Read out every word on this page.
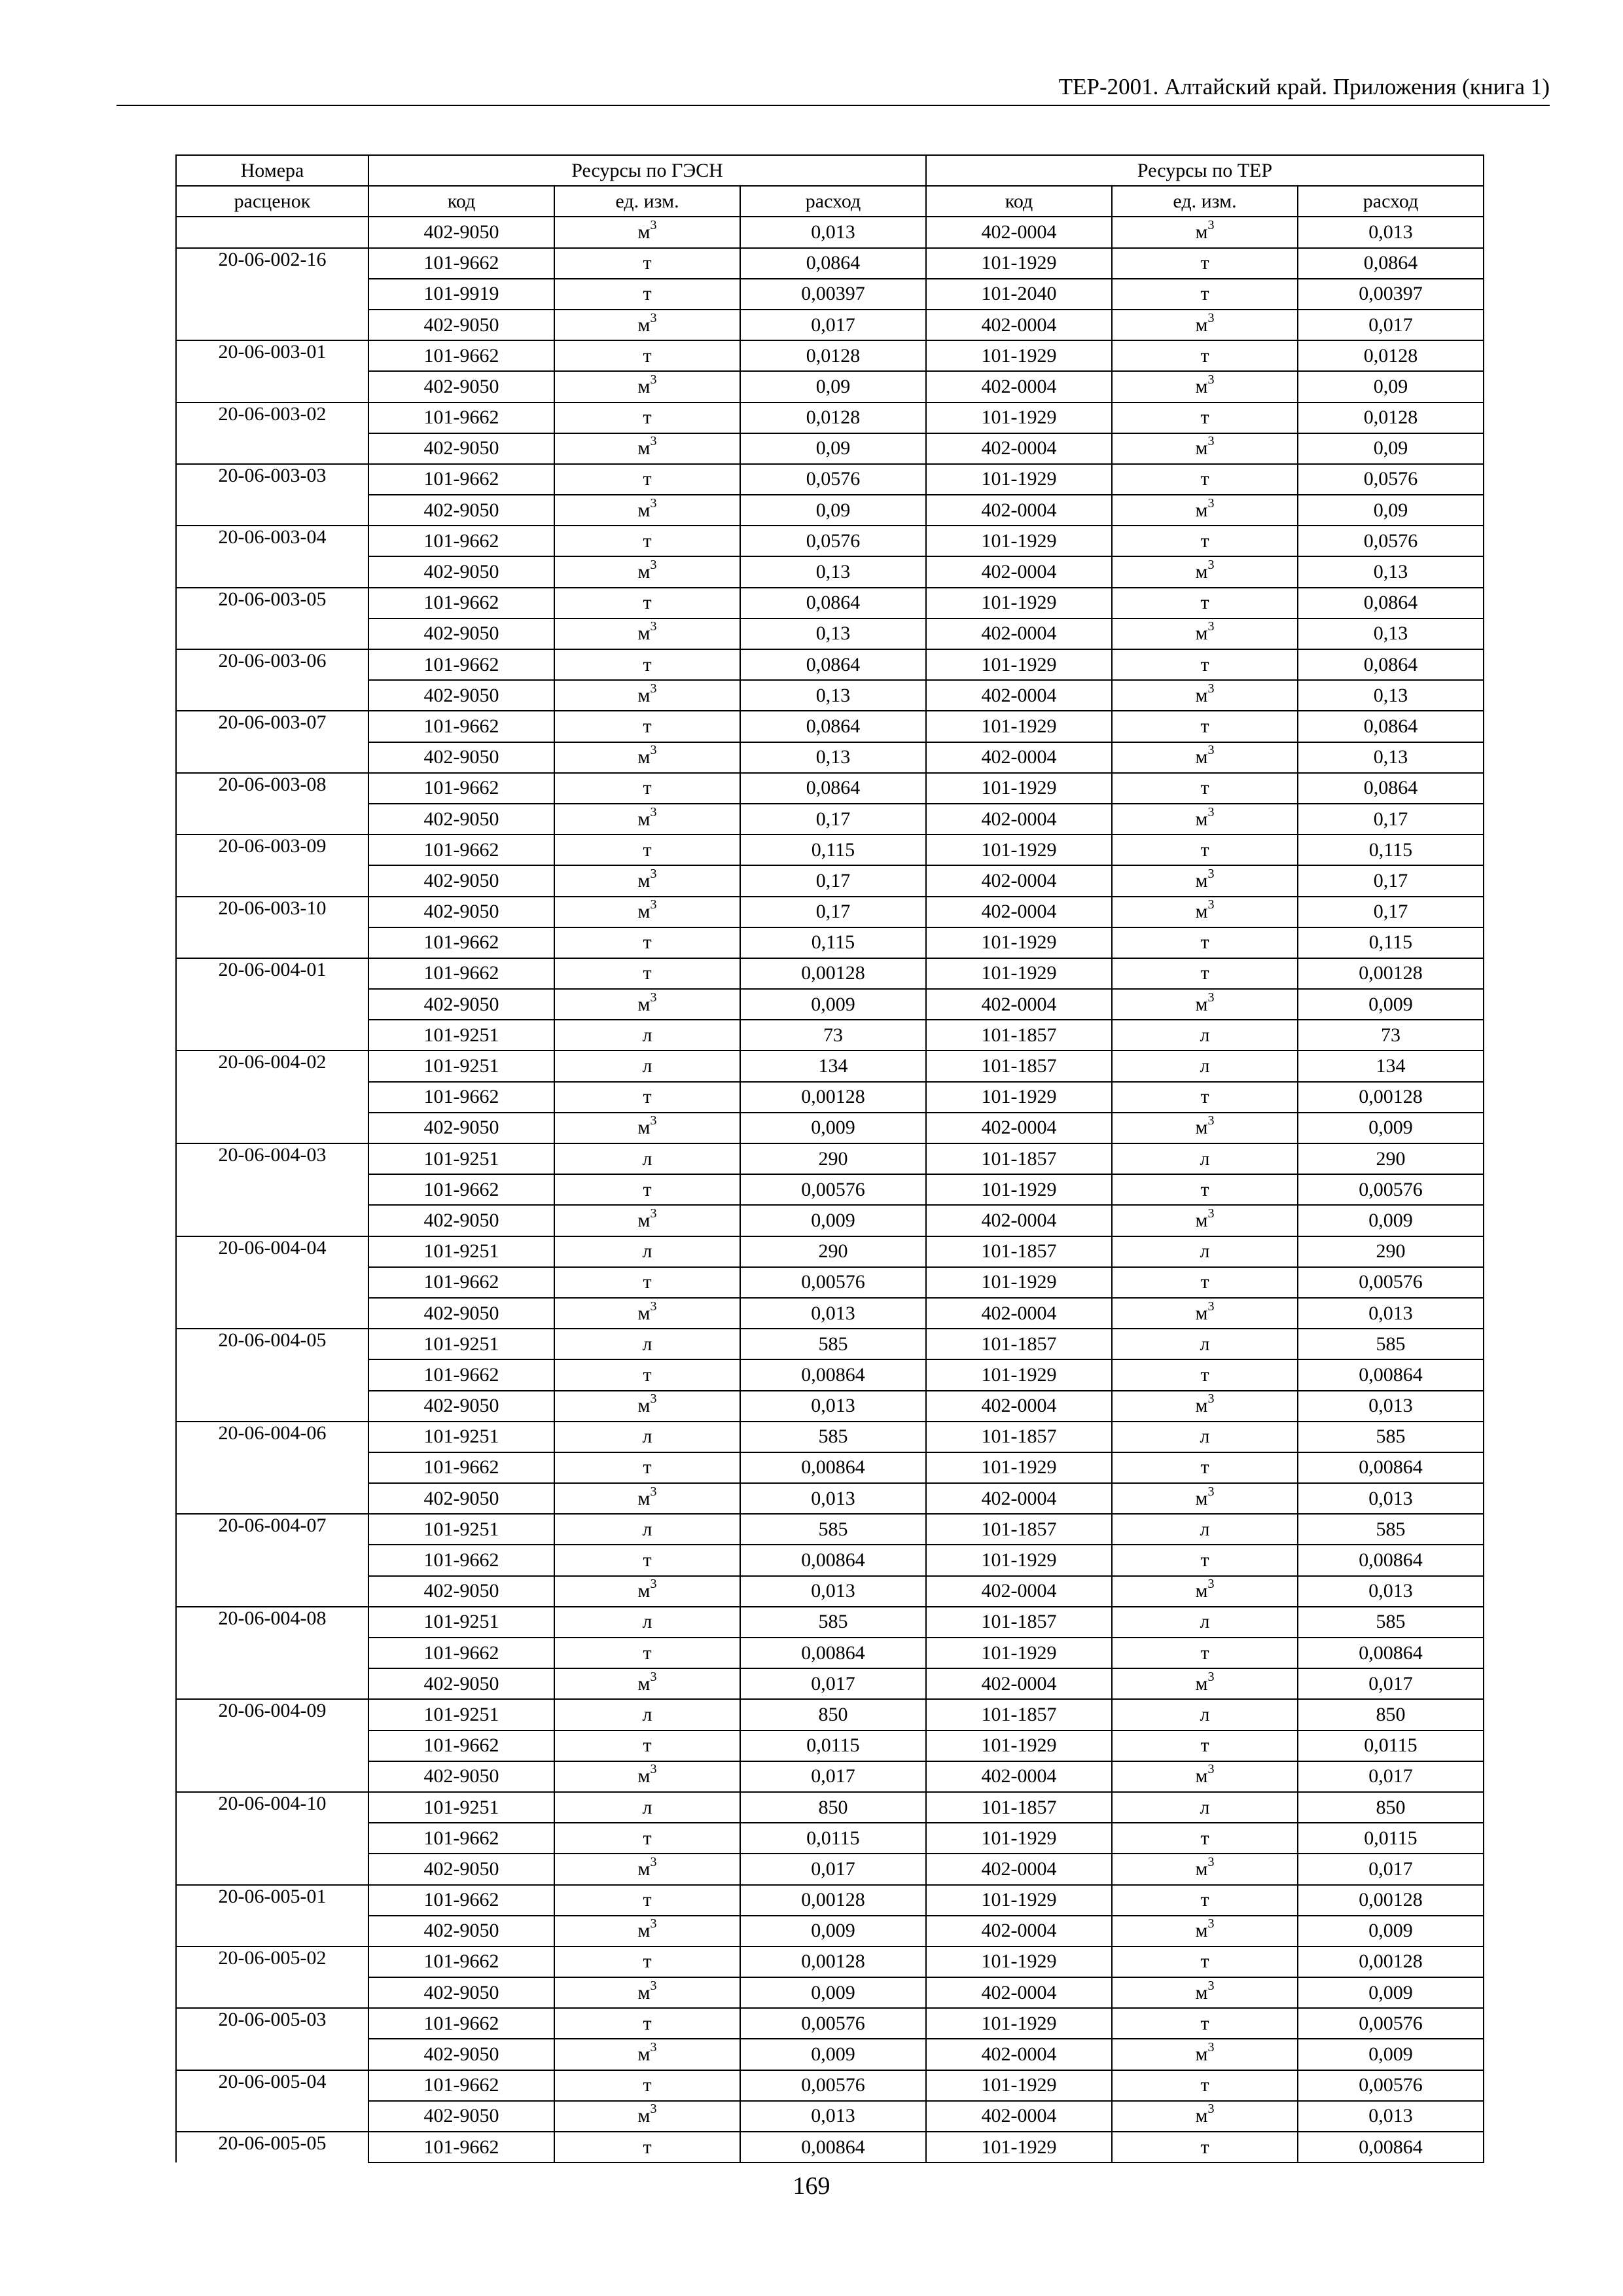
ТЕР-2001. Алтайский край. Приложения (книга 1)
Номера	Ресурсы по ГЭСН			Ресурсы по ТЕР		
расценок	код	ед. изм.	расход	код	ед. изм.	расход
	402-9050	$м^3$	0,013	402-0004	$м^3$	0,013
20-06-002-16	101-9662	т	0,0864	101-1929	т	0,0864
	101-9919	т	0,00397	101-2040	т	0,00397
	402-9050	$м^3$	0,017	402-0004	$м^3$	0,017
20-06-003-01	101-9662	т	0,0128	101-1929	т	0,0128
	402-9050	$м^3$	0,09	402-0004	$м^3$	0,09
20-06-003-02	101-9662	т	0,0128	101-1929	т	0,0128
	402-9050	$м^3$	0,09	402-0004	$м^3$	0,09
20-06-003-03	101-9662	т	0,0576	101-1929	т	0,0576
	402-9050	$м^3$	0,09	402-0004	$м^3$	0,09
20-06-003-04	101-9662	т	0,0576	101-1929	т	0,0576
	402-9050	$м^3$	0,13	402-0004	$м^3$	0,13
20-06-003-05	101-9662	т	0,0864	101-1929	т	0,0864
	402-9050	$м^3$	0,13	402-0004	$м^3$	0,13
20-06-003-06	101-9662	т	0,0864	101-1929	т	0,0864
	402-9050	$м^3$	0,13	402-0004	$м^3$	0,13
20-06-003-07	101-9662	т	0,0864	101-1929	т	0,0864
	402-9050	$м^3$	0,13	402-0004	$м^3$	0,13
20-06-003-08	101-9662	т	0,0864	101-1929	т	0,0864
	402-9050	$м^3$	0,17	402-0004	$м^3$	0,17
20-06-003-09	101-9662	т	0,115	101-1929	т	0,115
	402-9050	$м^3$	0,17	402-0004	$м^3$	0,17
20-06-003-10	402-9050	$м^3$	0,17	402-0004	$м^3$	0,17
	101-9662	т	0,115	101-1929	т	0,115
20-06-004-01	101-9662	т	0,00128	101-1929	т	0,00128
	402-9050	$м^3$	0,009	402-0004	$м^3$	0,009
	101-9251	л	73	101-1857	л	73
20-06-004-02	101-9251	л	134	101-1857	л	134
	101-9662	т	0,00128	101-1929	т	0,00128
	402-9050	$м^3$	0,009	402-0004	$м^3$	0,009
20-06-004-03	101-9251	л	290	101-1857	л	290
	101-9662	т	0,00576	101-1929	т	0,00576
	402-9050	$м^3$	0,009	402-0004	$м^3$	0,009
20-06-004-04	101-9251	л	290	101-1857	л	290
	101-9662	т	0,00576	101-1929	т	0,00576
	402-9050	$м^3$	0,013	402-0004	$м^3$	0,013
20-06-004-05	101-9251	л	585	101-1857	л	585
	101-9662	т	0,00864	101-1929	т	0,00864
	402-9050	$м^3$	0,013	402-0004	$м^3$	0,013
20-06-004-06	101-9251	л	585	101-1857	л	585
	101-9662	т	0,00864	101-1929	т	0,00864
	402-9050	$м^3$	0,013	402-0004	$м^3$	0,013
20-06-004-07	101-9251	л	585	101-1857	л	585
	101-9662	т	0,00864	101-1929	т	0,00864
	402-9050	$м^3$	0,013	402-0004	$м^3$	0,013
20-06-004-08	101-9251	л	585	101-1857	л	585
	101-9662	т	0,00864	101-1929	т	0,00864
	402-9050	$м^3$	0,017	402-0004	$м^3$	0,017
20-06-004-09	101-9251	л	850	101-1857	л	850
	101-9662	т	0,0115	101-1929	т	0,0115
	402-9050	$м^3$	0,017	402-0004	$м^3$	0,017
20-06-004-10	101-9251	л	850	101-1857	л	850
	101-9662	т	0,0115	101-1929	т	0,0115
	402-9050	$м^3$	0,017	402-0004	$м^3$	0,017
20-06-005-01	101-9662	т	0,00128	101-1929	т	0,00128
	402-9050	$м^3$	0,009	402-0004	$м^3$	0,009
20-06-005-02	101-9662	т	0,00128	101-1929	т	0,00128
	402-9050	$м^3$	0,009	402-0004	$м^3$	0,009
20-06-005-03	101-9662	т	0,00576	101-1929	т	0,00576
	402-9050	$м^3$	0,009	402-0004	$м^3$	0,009
20-06-005-04	101-9662	т	0,00576	101-1929	т	0,00576
	402-9050	$м^3$	0,013	402-0004	$м^3$	0,013
20-06-005-05	101-9662	т	0,00864	101-1929	т	0,00864
169
